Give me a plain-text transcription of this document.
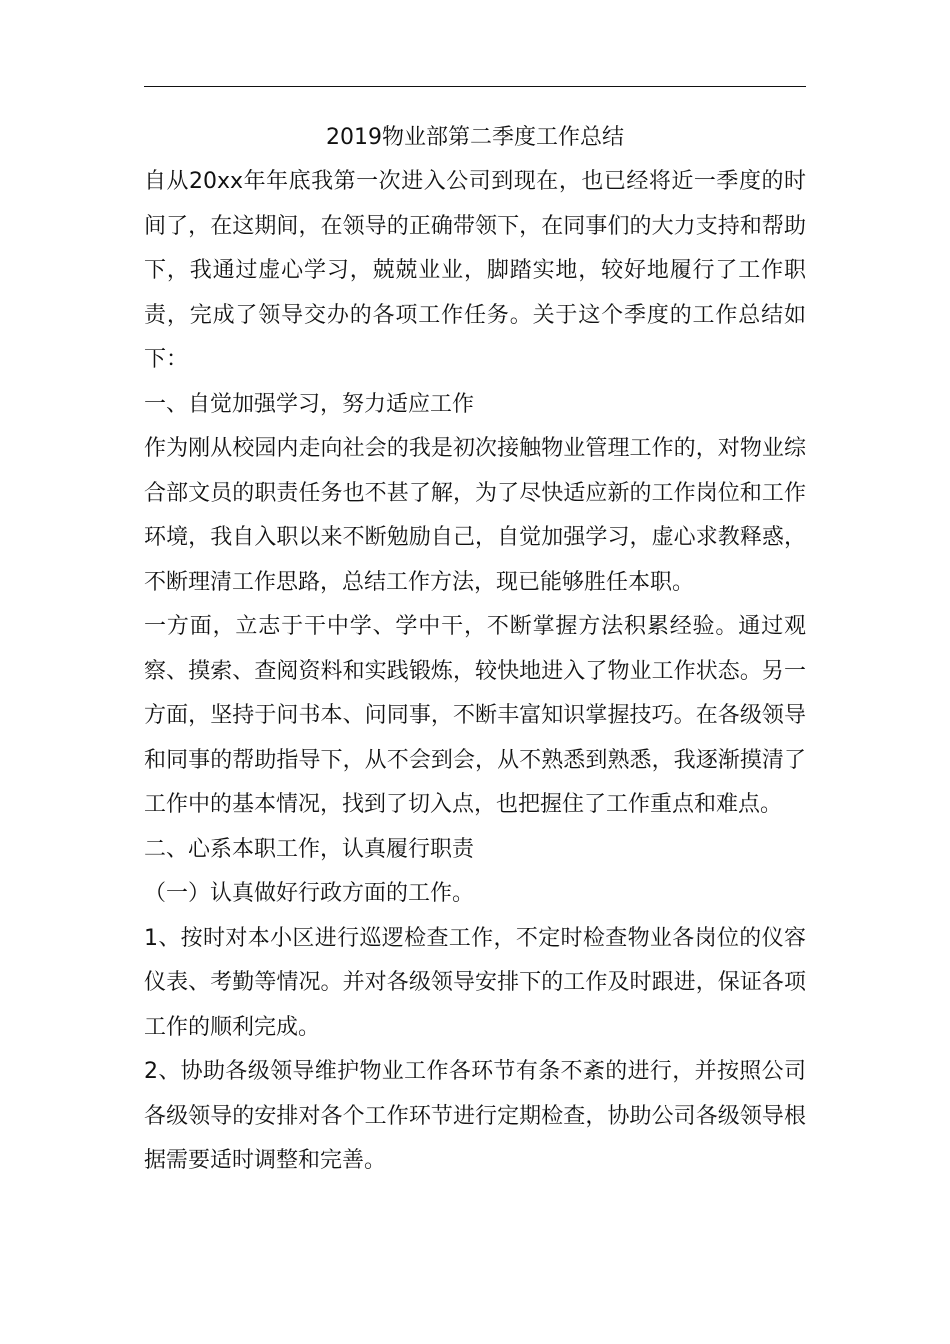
2019物业部第二季度工作总结

自从20xx年年底我第一次进入公司到现在，也已经将近一季度的时间了，在这期间，在领导的正确带领下，在同事们的大力支持和帮助下，我通过虚心学习，兢兢业业，脚踏实地，较好地履行了工作职责，完成了领导交办的各项工作任务。关于这个季度的工作总结如下：

一、自觉加强学习，努力适应工作

作为刚从校园内走向社会的我是初次接触物业管理工作的，对物业综合部文员的职责任务也不甚了解，为了尽快适应新的工作岗位和工作环境，我自入职以来不断勉励自己，自觉加强学习，虚心求教释惑，不断理清工作思路，总结工作方法，现已能够胜任本职。

一方面，立志于干中学、学中干，不断掌握方法积累经验。通过观察、摸索、查阅资料和实践锻炼，较快地进入了物业工作状态。另一方面，坚持于问书本、问同事，不断丰富知识掌握技巧。在各级领导和同事的帮助指导下，从不会到会，从不熟悉到熟悉，我逐渐摸清了工作中的基本情况，找到了切入点，也把握住了工作重点和难点。

二、心系本职工作，认真履行职责

（一）认真做好行政方面的工作。

1、按时对本小区进行巡逻检查工作，不定时检查物业各岗位的仪容仪表、考勤等情况。并对各级领导安排下的工作及时跟进，保证各项工作的顺利完成。

2、协助各级领导维护物业工作各环节有条不紊的进行，并按照公司各级领导的安排对各个工作环节进行定期检查，协助公司各级领导根据需要适时调整和完善。
